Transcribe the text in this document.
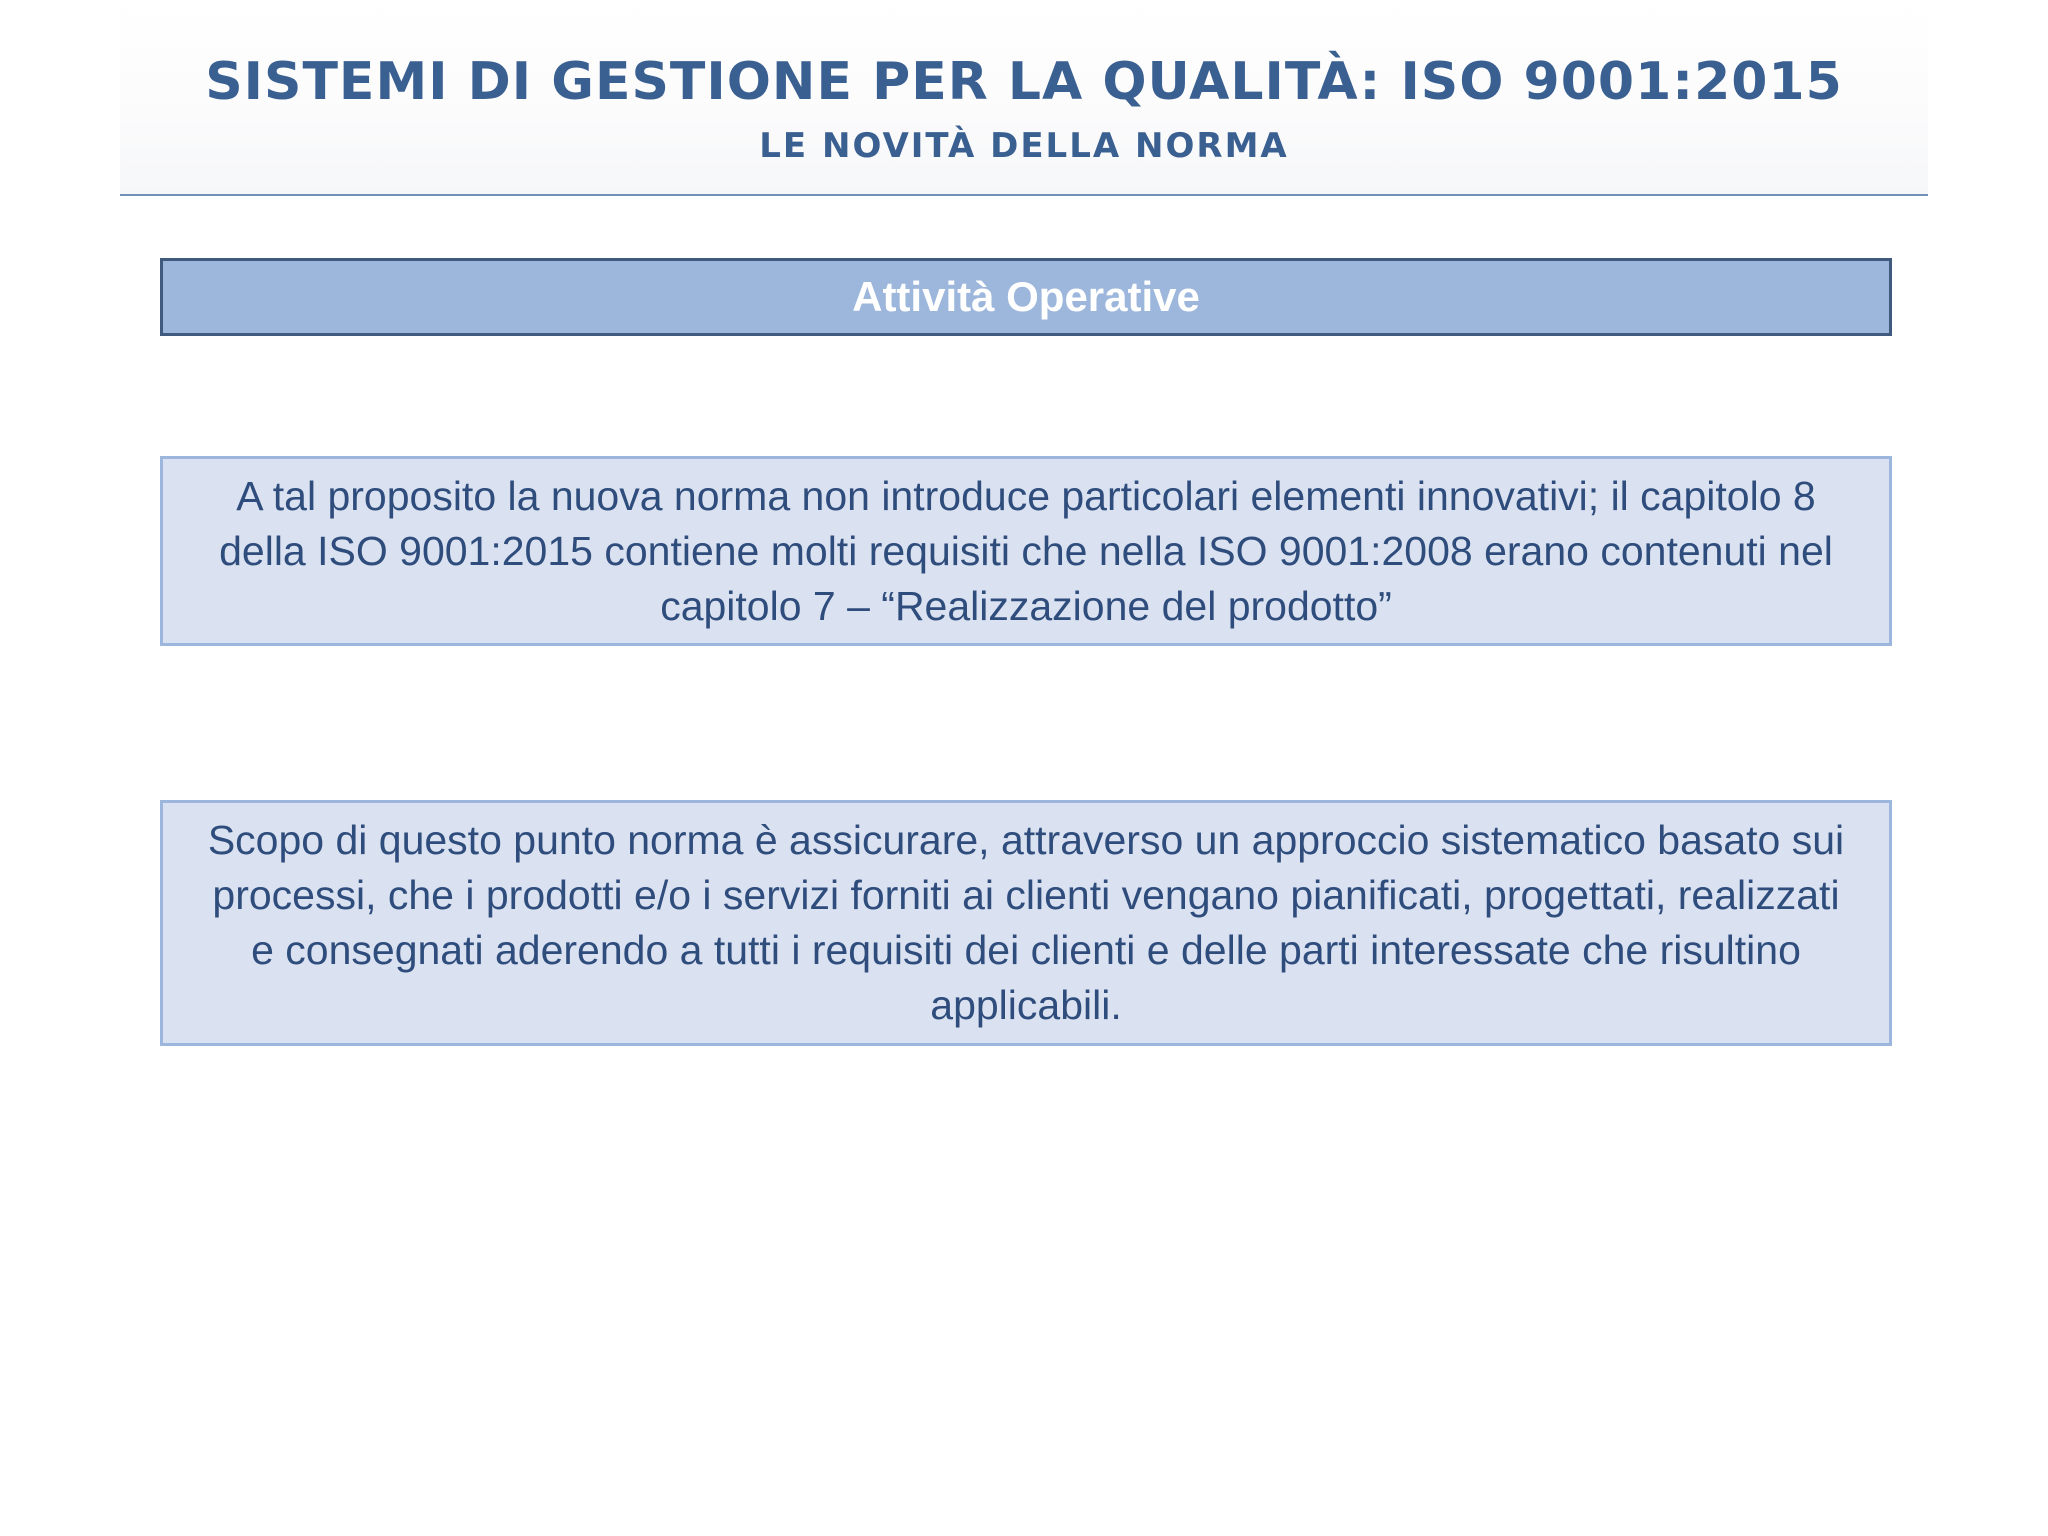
SISTEMI DI GESTIONE PER LA QUALITÀ: ISO 9001:2015
LE NOVITÀ DELLA NORMA
Attività Operative

A tal proposito la nuova norma non introduce particolari elementi innovativi; il capitolo 8 della ISO 9001:2015 contiene molti requisiti che nella ISO 9001:2008 erano contenuti nel capitolo 7 – “Realizzazione del prodotto”

Scopo di questo punto norma è assicurare, attraverso un approccio sistematico basato sui processi, che i prodotti e/o i servizi forniti ai clienti vengano pianificati, progettati, realizzati e consegnati aderendo a tutti i requisiti dei clienti e delle parti interessate che risultino applicabili.
